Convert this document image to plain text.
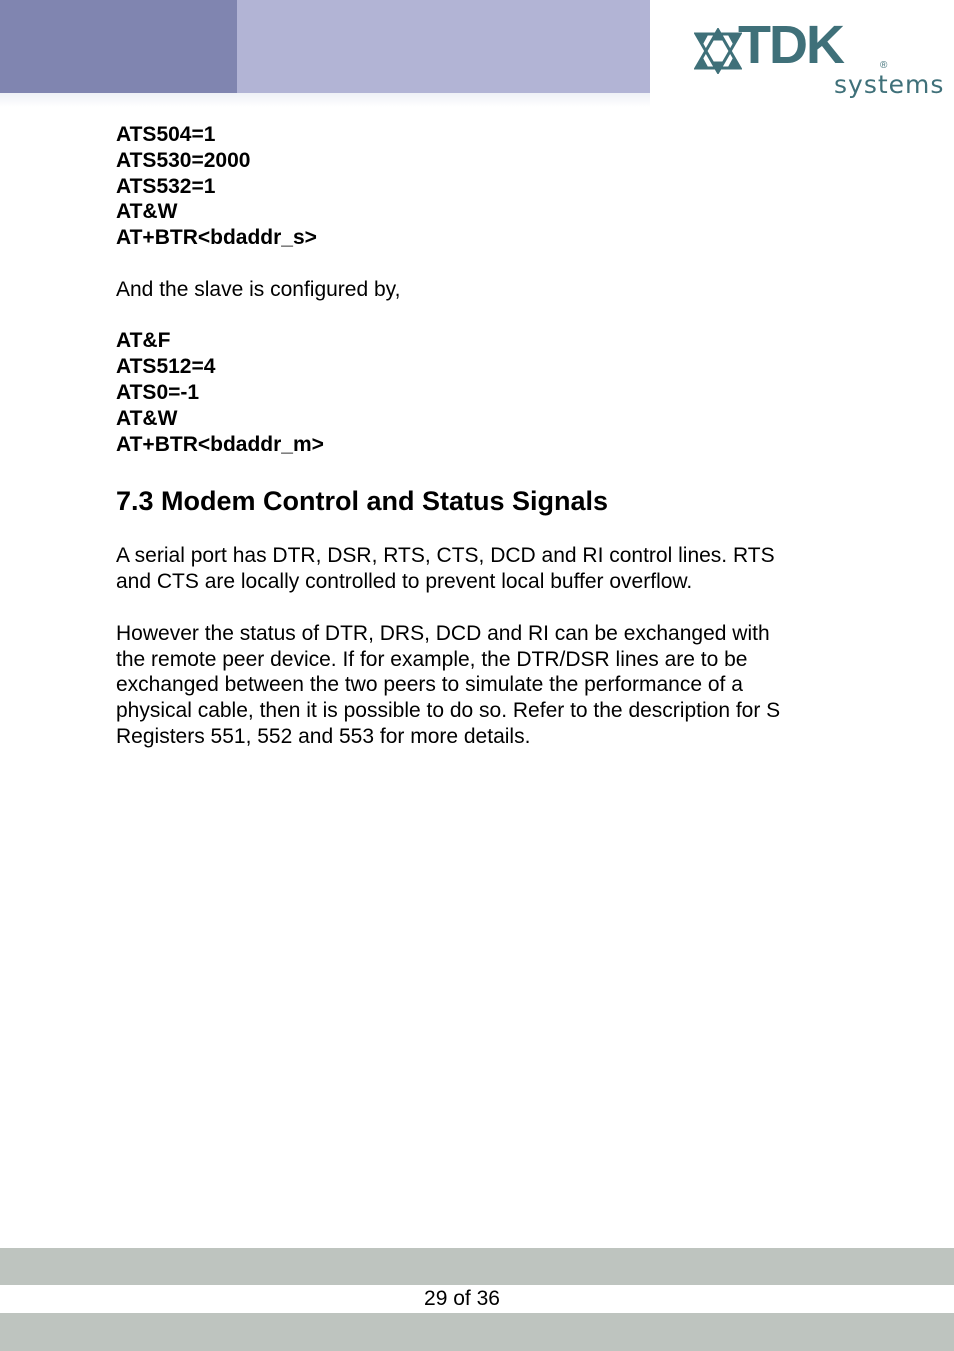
TDK	®
systems
ATS504=1
ATS530=2000
ATS532=1
AT&W
AT+BTR<bdaddr_s>
And the slave is configured by,
AT&F
ATS512=4
ATS0=-1
AT&W
AT+BTR<bdaddr_m>
7.3 Modem Control and Status Signals
A serial port has DTR, DSR, RTS, CTS, DCD and RI control lines. RTS
and CTS are locally controlled to prevent local buffer overflow.
However the status of DTR, DRS, DCD and RI can be exchanged with
the remote peer device. If for example, the DTR/DSR lines are to be
exchanged between the two peers to simulate the performance of a
physical cable, then it is possible to do so. Refer to the description for S
Registers 551, 552 and 553 for more details.
29 of 36
